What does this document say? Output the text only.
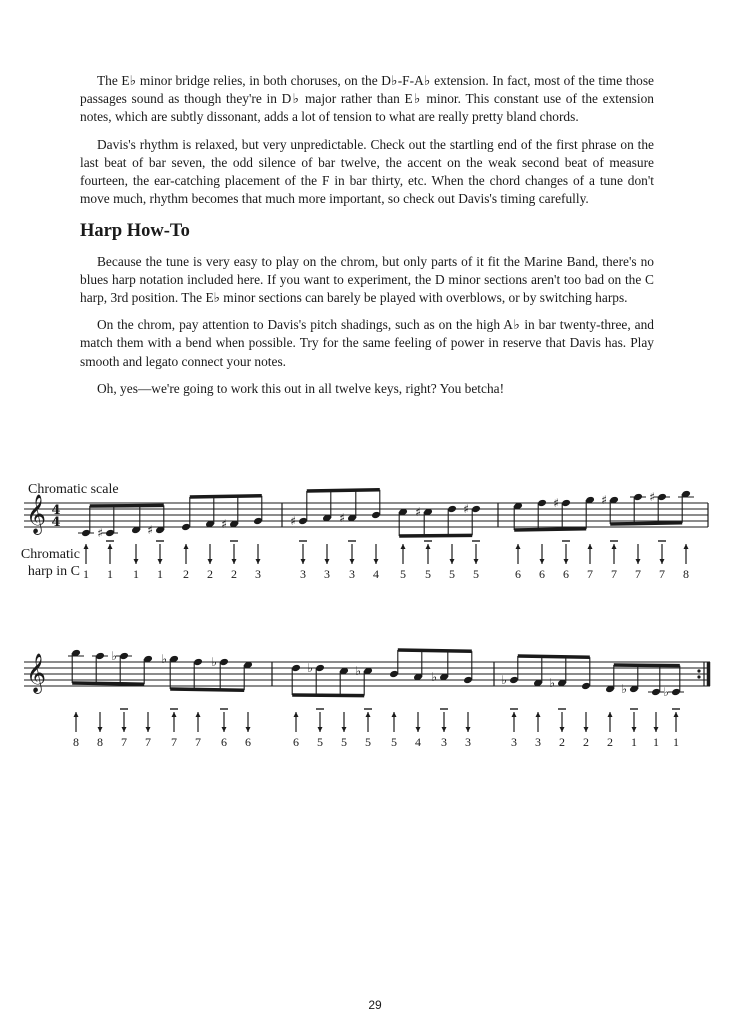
The E♭ minor bridge relies, in both choruses, on the D♭-F-A♭ extension. In fact, most of the time those passages sound as though they're in D♭ major rather than E♭ minor. This constant use of the extension notes, which are subtly dissonant, adds a lot of tension to what are really pretty bland chords.

Davis's rhythm is relaxed, but very unpredictable. Check out the startling end of the first phrase on the last beat of bar seven, the odd silence of bar twelve, the accent on the weak second beat of measure fourteen, the ear-catching placement of the F in bar thirty, etc. When the chord changes of a tune don't move much, rhythm becomes that much more important, so check out Davis's timing carefully.

Harp How-To

Because the tune is very easy to play on the chrom, but only parts of it fit the Marine Band, there's no blues harp notation included here. If you want to experiment, the D minor sections aren't too bad on the C harp, 3rd position. The E♭ minor sections can barely be played with overblows, or by switching harps.

On the chrom, pay attention to Davis's pitch shadings, such as on the high A♭ in bar twenty-three, and match them with a bend when possible. Try for the same feeling of power in reserve that Davis has. Play smooth and legato connect your notes.

Oh, yes—we're going to work this out in all twelve keys, right? You betcha!

Chromatic scale
Chromatic
harp in C
𝄞 4
4
♯	♯	♯	♯	♯	♯	♯	♯	♯	♯
1 1 1 1 2 2 2 3	3 3 3 4 5 5 5 5	6 6 6 7 7 7 7 8
𝄞	♭	♭	♭	♭	♭	♭	♭	♭	♭	♭
8 8 7 7 7 7 6 6	6 5 5 5 5 4 3 3	3 3 2 2 2 1 1 1
29
